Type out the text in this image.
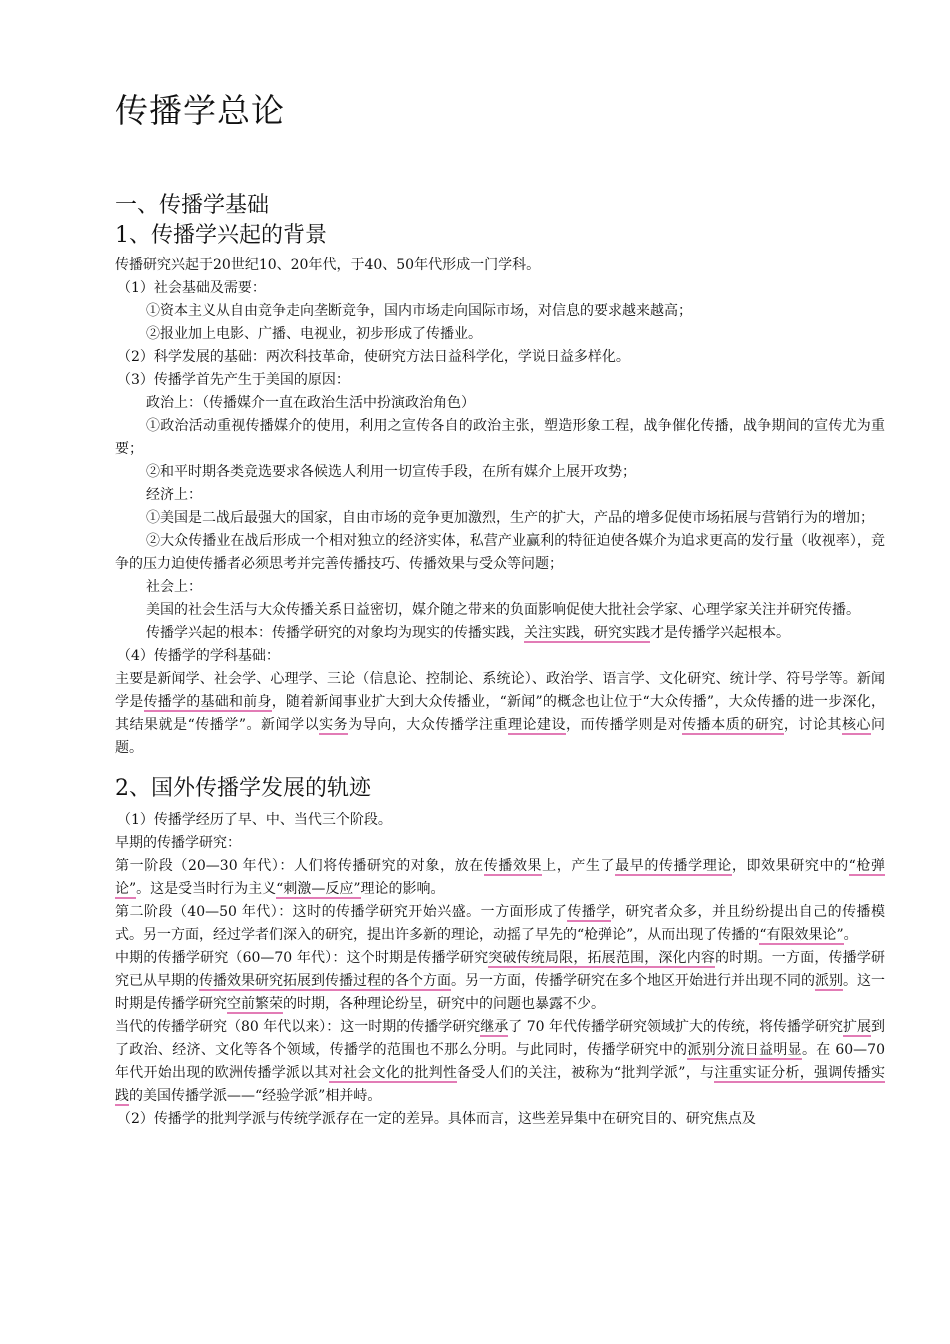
传播学总论
一、传播学基础
1、传播学兴起的背景

传播研究兴起于20世纪10、20年代，于40、50年代形成一门学科。

（1）社会基础及需要：

①资本主义从自由竞争走向垄断竞争，国内市场走向国际市场，对信息的要求越来越高；

②报业加上电影、广播、电视业，初步形成了传播业。

（2）科学发展的基础：两次科技革命，使研究方法日益科学化，学说日益多样化。

（3）传播学首先产生于美国的原因：

政治上：（传播媒介一直在政治生活中扮演政治角色）

①政治活动重视传播媒介的使用，利用之宣传各自的政治主张，塑造形象工程，战争催化传播，战争期间的宣传尤为重要；

②和平时期各类竞选要求各候选人利用一切宣传手段，在所有媒介上展开攻势；

经济上：

①美国是二战后最强大的国家，自由市场的竞争更加激烈，生产的扩大，产品的增多促使市场拓展与营销行为的增加；

②大众传播业在战后形成一个相对独立的经济实体，私营产业赢利的特征迫使各媒介为追求更高的发行量（收视率），竞争的压力迫使传播者必须思考并完善传播技巧、传播效果与受众等问题；

社会上：

美国的社会生活与大众传播关系日益密切，媒介随之带来的负面影响促使大批社会学家、心理学家关注并研究传播。

传播学兴起的根本：传播学研究的对象均为现实的传播实践，关注实践，研究实践才是传播学兴起根本。

（4）传播学的学科基础：

主要是新闻学、社会学、心理学、三论（信息论、控制论、系统论）、政治学、语言学、文化研究、统计学、符号学等。新闻学是传播学的基础和前身，随着新闻事业扩大到大众传播业，“新闻”的概念也让位于“大众传播”，大众传播的进一步深化，其结果就是“传播学”。新闻学以实务为导向，大众传播学注重理论建设，而传播学则是对传播本质的研究，讨论其核心问题。

2、国外传播学发展的轨迹

（1）传播学经历了早、中、当代三个阶段。

早期的传播学研究：

第一阶段（20—30 年代）：人们将传播研究的对象，放在传播效果上，产生了最早的传播学理论，即效果研究中的“枪弹论”。这是受当时行为主义“刺激—反应”理论的影响。

第二阶段（40—50 年代）：这时的传播学研究开始兴盛。一方面形成了传播学，研究者众多，并且纷纷提出自己的传播模式。另一方面，经过学者们深入的研究，提出许多新的理论，动摇了早先的“枪弹论”，从而出现了传播的“有限效果论”。

中期的传播学研究（60—70 年代）：这个时期是传播学研究突破传统局限，拓展范围，深化内容的时期。一方面，传播学研究已从早期的传播效果研究拓展到传播过程的各个方面。另一方面，传播学研究在多个地区开始进行并出现不同的派别。这一时期是传播学研究空前繁荣的时期，各种理论纷呈，研究中的问题也暴露不少。

当代的传播学研究（80 年代以来）：这一时期的传播学研究继承了 70 年代传播学研究领域扩大的传统，将传播学研究扩展到了政治、经济、文化等各个领域，传播学的范围也不那么分明。与此同时，传播学研究中的派别分流日益明显。在 60—70 年代开始出现的欧洲传播学派以其对社会文化的批判性备受人们的关注，被称为“批判学派”，与注重实证分析，强调传播实践的美国传播学派——“经验学派”相并峙。

（2）传播学的批判学派与传统学派存在一定的差异。具体而言，这些差异集中在研究目的、研究焦点及
